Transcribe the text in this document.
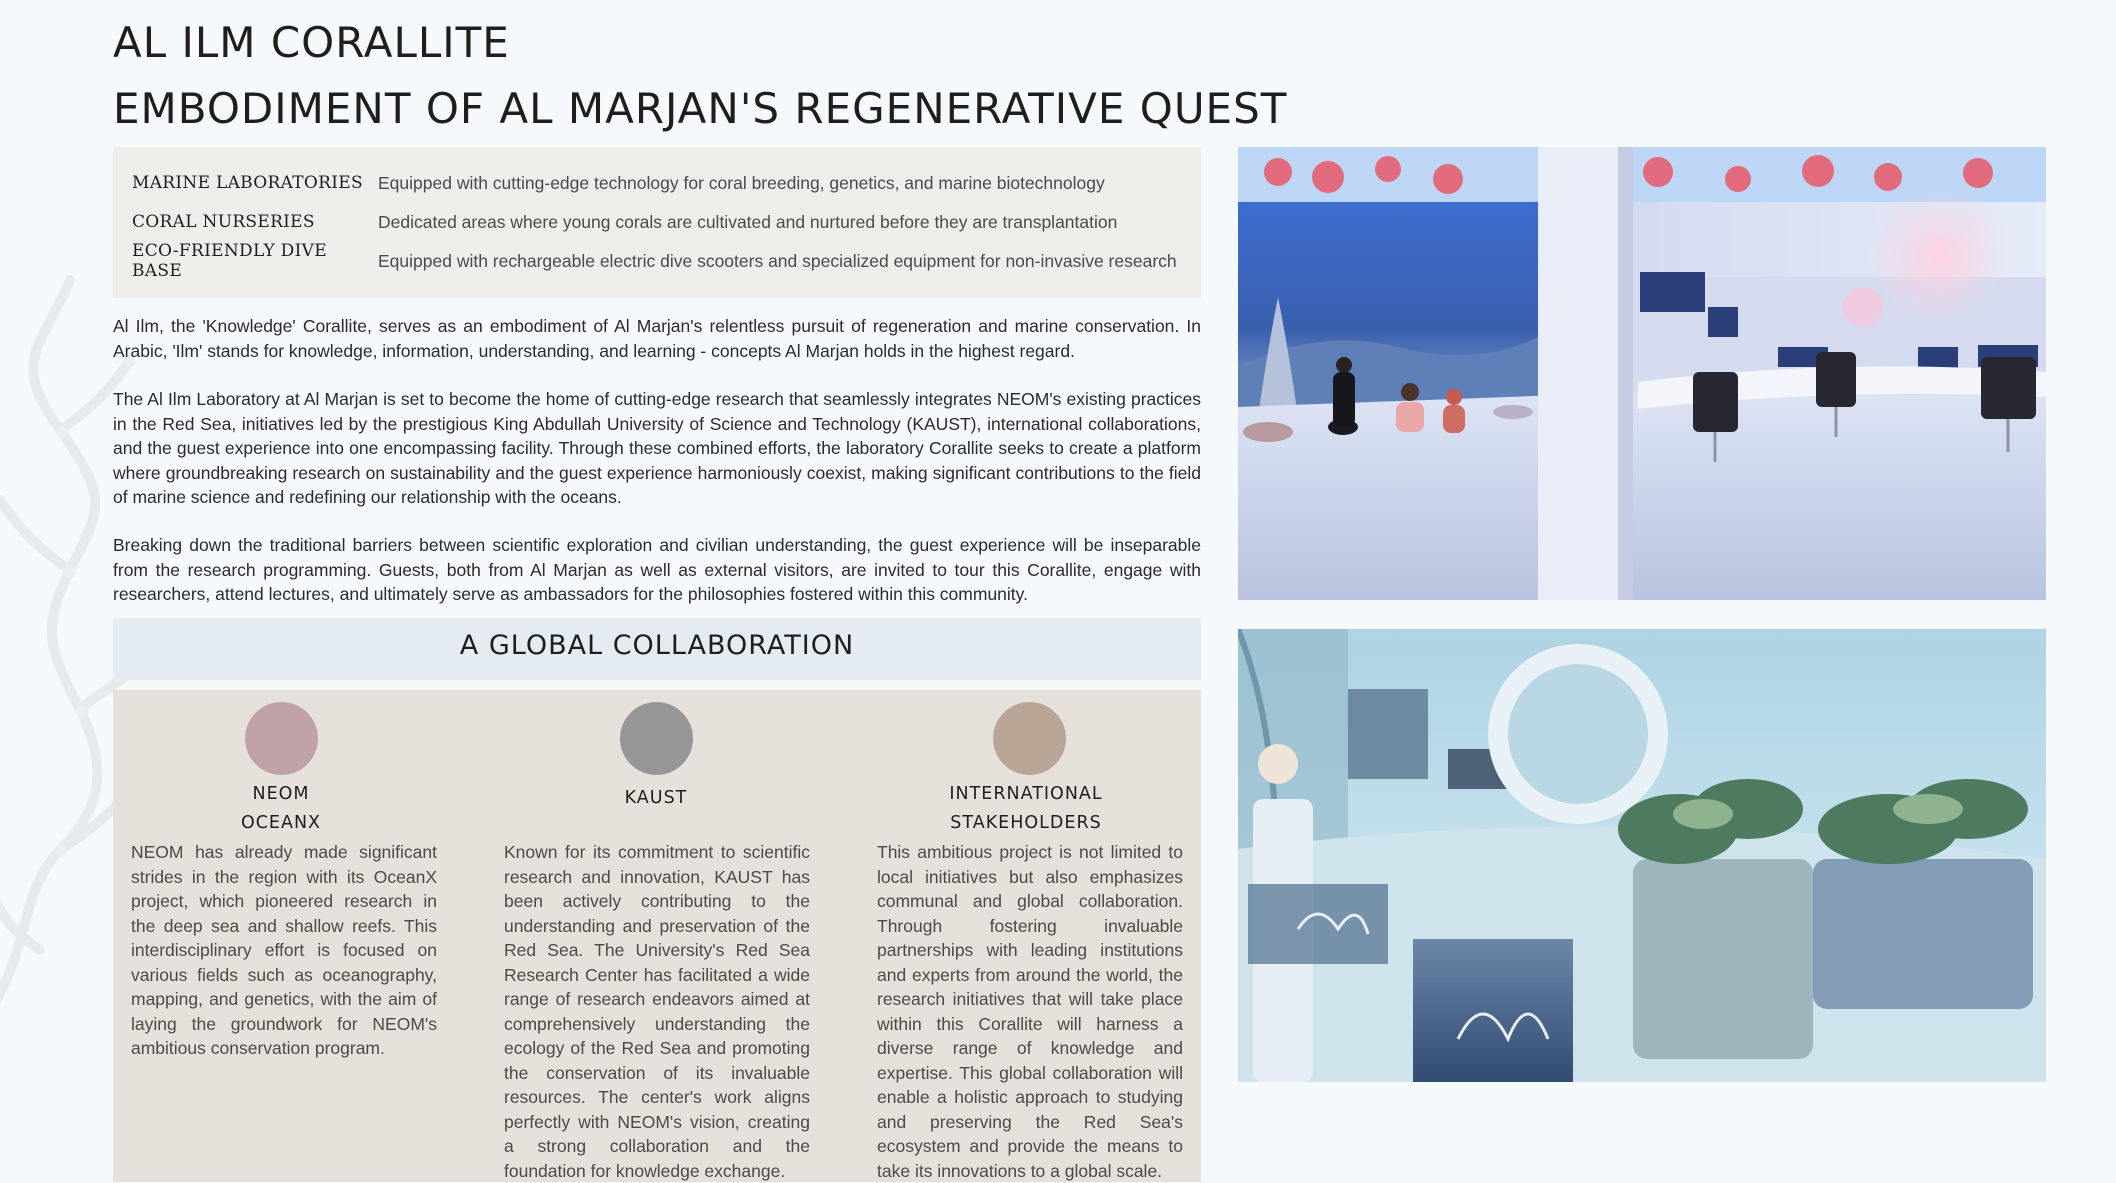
AL ILM CORALLITE
EMBODIMENT OF AL MARJAN'S REGENERATIVE QUEST
MARINE LABORATORIES Equipped with cutting-edge technology for coral breeding, genetics, and marine biotechnology
CORAL NURSERIES	Dedicated areas where young corals are cultivated and nurtured before they are transplantation
ECO-FRIENDLY DIVE BASE
Equipped with rechargeable electric dive scooters and specialized equipment for non-invasive research

Al Ilm, the 'Knowledge' Corallite, serves as an embodiment of Al Marjan's relentless pursuit of regeneration and marine conservation. In Arabic, 'Ilm' stands for knowledge, information, understanding, and learning - concepts Al Marjan holds in the highest regard.

The Al Ilm Laboratory at Al Marjan is set to become the home of cutting-edge research that seamlessly integrates NEOM's existing practices in the Red Sea, initiatives led by the prestigious King Abdullah University of Science and Technology (KAUST), international collaborations, and the guest experience into one encompassing facility. Through these combined efforts, the laboratory Corallite seeks to create a platform where groundbreaking research on sustainability and the guest experience harmoniously coexist, making significant contributions to the field of marine science and redefining our relationship with the oceans.

Breaking down the traditional barriers between scientific exploration and civilian understanding, the guest experience will be inseparable from the research programming. Guests, both from Al Marjan as well as external visitors, are invited to tour this Corallite, engage with researchers, attend lectures, and ultimately serve as ambassadors for the philosophies fostered within this community.

A GLOBAL COLLABORATION
NEOM
OCEANX

NEOM has already made significant strides in the region with its OceanX project, which pioneered research in the deep sea and shallow reefs. This interdisciplinary effort is focused on various fields such as oceanography, mapping, and genetics, with the aim of laying the groundwork for NEOM's ambitious conservation program.

KAUST

Known for its commitment to scientific research and innovation, KAUST has been actively contributing to the understanding and preservation of the Red Sea. The University's Red Sea Research Center has facilitated a wide range of research endeavors aimed at comprehensively understanding the ecology of the Red Sea and promoting the conservation of its invaluable resources. The center's work aligns perfectly with NEOM's vision, creating a strong collaboration and the foundation for knowledge exchange.

INTERNATIONAL
STAKEHOLDERS

This ambitious project is not limited to local initiatives but also emphasizes communal and global collaboration. Through fostering invaluable partnerships with leading institutions and experts from around the world, the research initiatives that will take place within this Corallite will harness a diverse range of knowledge and expertise. This global collaboration will enable a holistic approach to studying and preserving the Red Sea's ecosystem and provide the means to take its innovations to a global scale.
